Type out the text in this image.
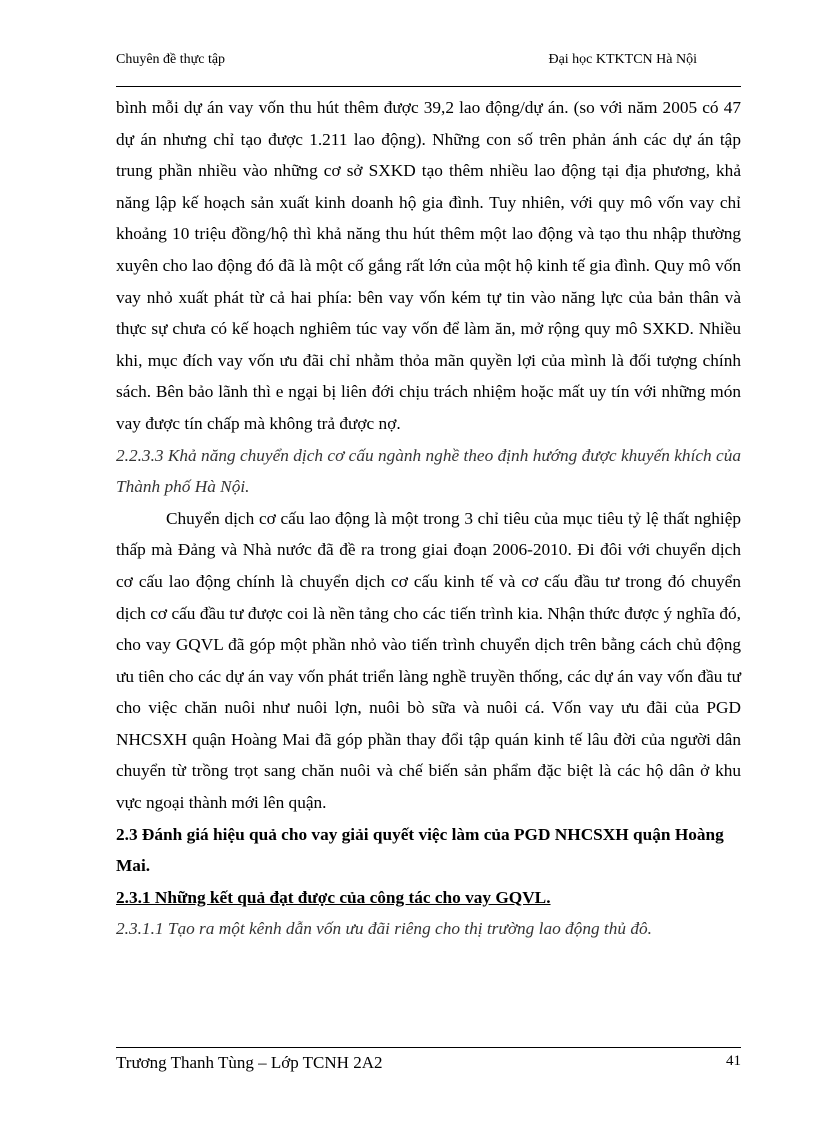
Chuyên đề thực tập	Đại học KTKTCN Hà Nội

bình mỗi dự án vay vốn thu hút thêm được 39,2 lao động/dự án. (so với năm 2005 có 47 dự án nhưng chỉ tạo được 1.211 lao động). Những con số trên phản ánh các dự án tập trung phần nhiều vào những cơ sở SXKD tạo thêm nhiều lao động tại địa phương, khả năng lập kế hoạch sản xuất kinh doanh hộ gia đình. Tuy nhiên, với quy mô vốn vay chỉ khoảng 10 triệu đồng/hộ thì khả năng thu hút thêm một lao động và tạo thu nhập thường xuyên cho lao động đó đã là một cố gắng rất lớn của một hộ kinh tế gia đình. Quy mô vốn vay nhỏ xuất phát từ cả hai phía: bên vay vốn kém tự tin vào năng lực của bản thân và thực sự chưa có kế hoạch nghiêm túc vay vốn để làm ăn, mở rộng quy mô SXKD. Nhiều khi, mục đích vay vốn ưu đãi chỉ nhằm thỏa mãn quyền lợi của mình là đối tượng chính sách. Bên bảo lãnh thì e ngại bị liên đới chịu trách nhiệm hoặc mất uy tín với những món vay được tín chấp mà không trả được nợ.

2.2.3.3 Khả năng chuyển dịch cơ cấu ngành nghề theo định hướng được khuyến khích của Thành phố Hà Nội.

Chuyển dịch cơ cấu lao động là một trong 3 chỉ tiêu của mục tiêu tỷ lệ thất nghiệp thấp mà Đảng và Nhà nước đã đề ra trong giai đoạn 2006-2010. Đi đôi với chuyển dịch cơ cấu lao động chính là chuyển dịch cơ cấu kinh tế và cơ cấu đầu tư trong đó chuyển dịch cơ cấu đầu tư được coi là nền tảng cho các tiến trình kia. Nhận thức được ý nghĩa đó, cho vay GQVL đã góp một phần nhỏ vào tiến trình chuyển dịch trên bằng cách chủ động ưu tiên cho các dự án vay vốn phát triển làng nghề truyền thống, các dự án vay vốn đầu tư cho việc chăn nuôi như nuôi lợn, nuôi bò sữa và nuôi cá. Vốn vay ưu đãi của PGD NHCSXH quận Hoàng Mai đã góp phần thay đổi tập quán kinh tế lâu đời của người dân chuyển từ trồng trọt sang chăn nuôi và chế biến sản phẩm đặc biệt là các hộ dân ở khu vực ngoại thành mới lên quận.

2.3 Đánh giá hiệu quả cho vay giải quyết việc làm của PGD NHCSXH quận Hoàng Mai.

2.3.1 Những kết quả đạt được của công tác cho vay GQVL.

2.3.1.1 Tạo ra một kênh dẫn vốn ưu đãi riêng cho thị trường lao động thủ đô.

Trương Thanh Tùng – Lớp TCNH 2A2	41
